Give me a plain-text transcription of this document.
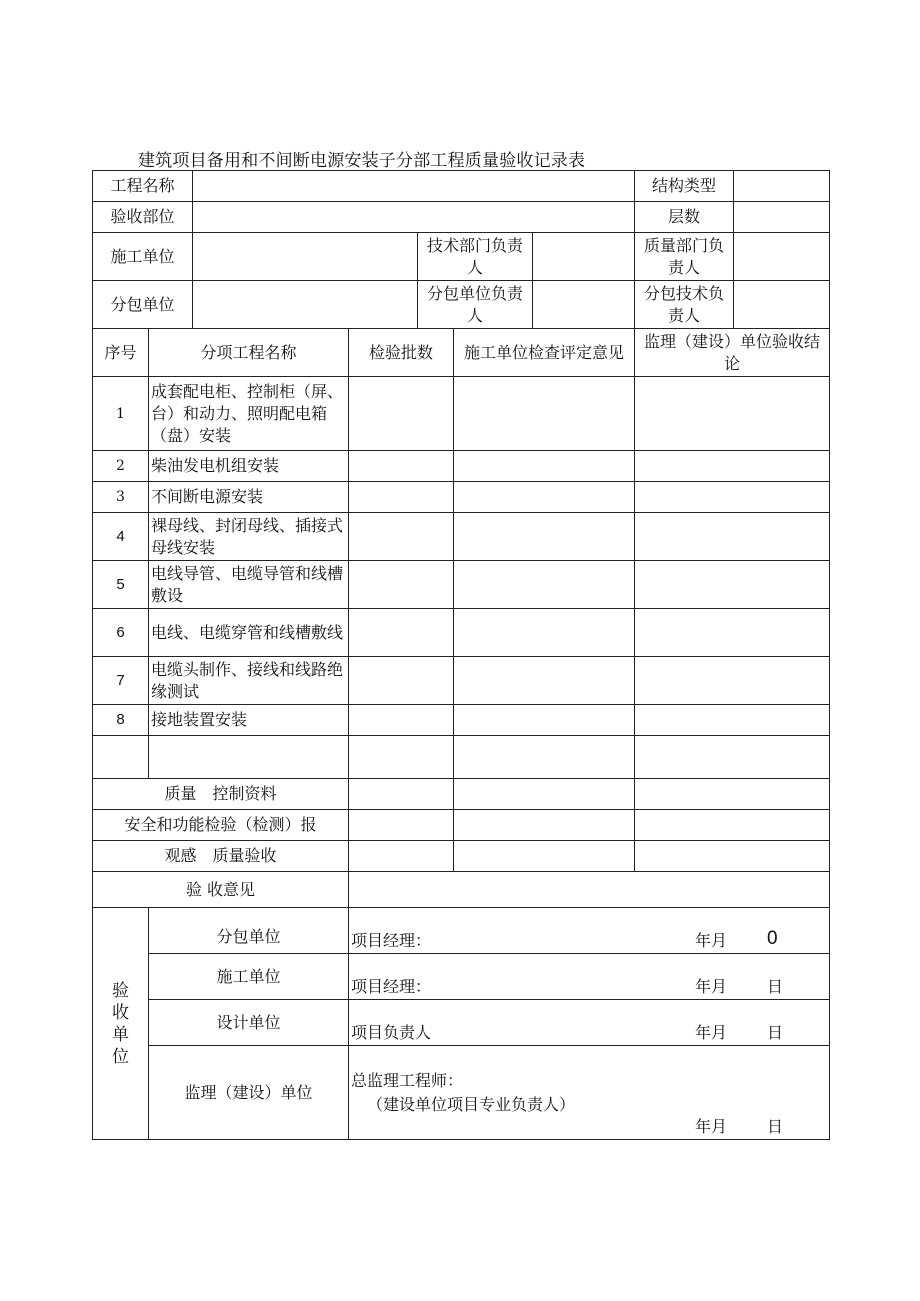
建筑项目备用和不间断电源安装子分部工程质量验收记录表
工程名称							结构类型	
验收部位							层数	
施工单位				技术部门负责人			质量部门负责人	
分包单位				分包单位负责人			分包技术负责人	
序号	分项工程名称		检验批数		施工单位检查评定意见		监理（建设）单位验收结论	
1	成套配电柜、控制柜（屏、台）和动力、照明配电箱（盘）安装							
2	柴油发电机组安装							
3	不间断电源安装							
4	裸母线、封闭母线、插接式母线安装							
5	电线导管、电缆导管和线槽敷设							
6	电线、电缆穿管和线槽敷线							
7	电缆头制作、接线和线路绝缘测试							
8	接地装置安装							

质量　控制资料								
安全和功能检验（检测）报								
观感　质量验收								
验 收意见								

验
收
单
位	分包单位		项目经理： 年月 0					

	施工单位		项目经理： 年月 日					

	设计单位		项目负责人 年月 日					

	监理（建设）单位		总监理工程师：
（建设单位项目专业负责人）
年月 日					
